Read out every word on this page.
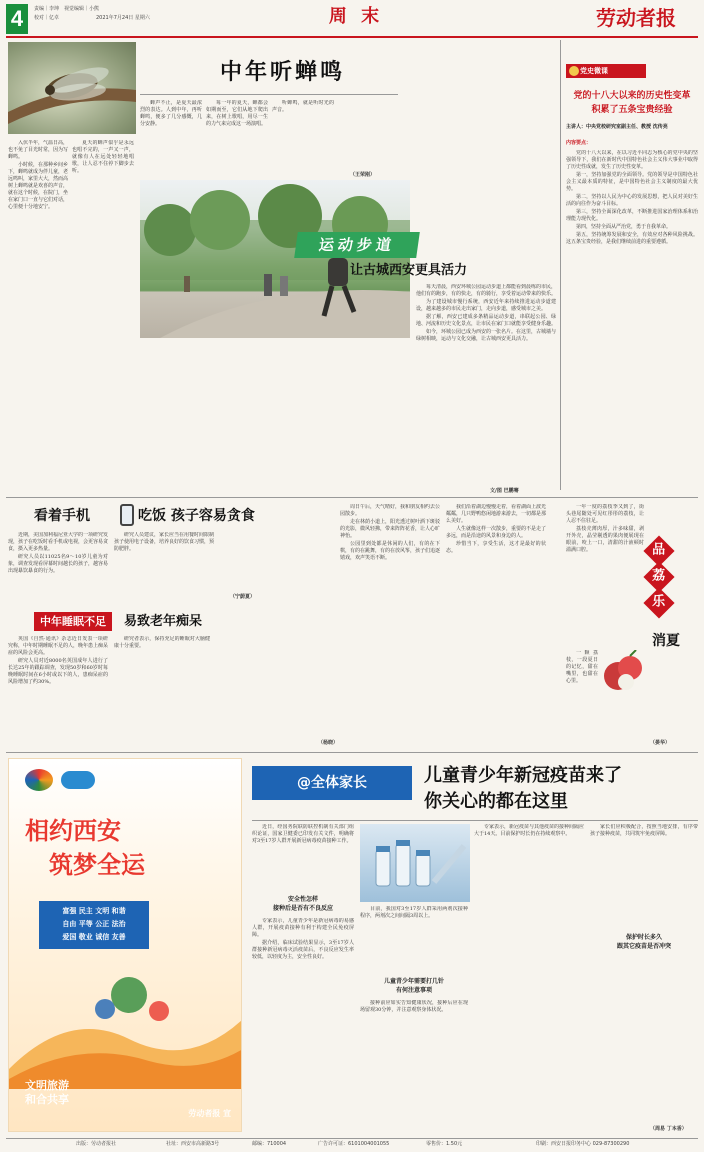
4	责编｜李坤　视觉编辑｜小熊
校对｜亿卓	2021年7月24日 星期六	周 末	劳动者报
中年听蝉鸣

入伏半年，气温日高，也不免了目光时常，因为写蝉鸣。

小时候，在那种乡间乡下，蝉鸣就成为伴儿童，老远鸣叫，家里大大，然而高树上蝉鸣就是欢喜的声音，就在这个时候，在院门，坐在家门口一直与它们对话，心里便十分地安宁。

夏天的蝉声似乎是永远也唱不完的，一声又一声，就像有人在远处轻轻地唱歌，让人忍不住停下脚步去听。

蝉声不止，是夏天最浓烈的表达。人到中年，再听蝉鸣，便多了几分感慨，几分安静。

每一年的夏天，蝉都会如期而至，它们从地下爬出来，在树上歌唱，用尽一生的力气来完成这一场演唱。

听蝉鸣，就是听时光的声音。

（王荣刚）
运动步道
让古城西安更具活力

每天清晨，西安环城公园运动步道上都能看到晨练的市民，他们有的跑步，有的快走，有的骑行，享受着运动带来的快乐。

为了建设城市慢行系统，西安近年来持续推进运动步道建设，越来越多的市民走出家门，走向步道，感受城市之美。

据了解，西安已建成多条精品运动步道，串联起公园、绿地、河流和历史文化景点，让市民在家门口就能享受健身乐趣。

如今，环城公园已成为西安的一张名片。在这里，古城墙与绿树相映，运动与文化交融，让古城西安更具活力。

文/图 巴鹏骞
党史微课
党的十八大以来的历史性变革
积累了五条宝贵经验
主讲人：中央党校研究室副主任、教授 沈传亮
内容要点：

党的十八大以来，在以习近平同志为核心的党中央的坚强领导下，我们在新时代中国特色社会主义伟大事业中取得了历史性成就，发生了历史性变革。

第一，坚持加强党的全面领导。党的领导是中国特色社会主义最本质的特征，是中国特色社会主义制度的最大优势。

第二，坚持以人民为中心的发展思想，把人民对美好生活的向往作为奋斗目标。

第三，坚持全面深化改革，不断推进国家治理体系和治理能力现代化。

第四，坚持全面从严治党，勇于自我革命。

第五，坚持统筹发展和安全，有效应对各种风险挑战。这五条宝贵经验，是我们继续前进的重要遵循。

看着手机	吃饭 孩子容易贪食

近期，美国加利福尼亚大学的一项研究发现，孩子在吃饭时看手机或电视，会更容易贪食，摄入更多热量。

研究人员以11025名9～10岁儿童为对象，调查发现看屏幕时间越长的孩子，越容易出现暴饮暴食的行为。

研究人员建议，家长应当在用餐时间限制孩子使用电子设备，培养良好的饮食习惯，预防肥胖。

（宁蔚夏）
中年睡眠不足	易致老年痴呆

英国《自然·通讯》杂志近日发表一项研究称，中年时期睡眠不足的人，晚年患上痴呆症的风险会更高。

研究人员对近8000名英国成年人进行了长达25年的跟踪调查，发现50岁和60岁时每晚睡眠时间在6小时或以下的人，患痴呆症的风险增加了约30%。

研究者表示，保持充足的睡眠对大脑健康十分重要。

（杨晓）

周日午后，天气晴好，我和朋友相约去公园散步。

走在林荫小道上，阳光透过树叶洒下斑驳的光影，微风轻拂，带来阵阵花香，让人心旷神怡。

公园里到处都是休闲的人们，有的在下棋，有的在跳舞，有的在放风筝，孩子们追逐嬉戏，欢声笑语不断。

我们沿着湖边慢慢走着，看着湖面上波光粼粼，几只野鸭悠闲地游来游去，一切都是那么美好。

人生就像这样一次散步，重要的不是走了多远，而是沿途的风景和身边的人。

珍惜当下，享受生活，这才是最好的状态。	品
荔
乐
消夏

一年一度的荔枝季又到了，街头巷尾随处可见红彤彤的荔枝，让人忍不住驻足。

荔枝壳薄肉厚，汁多味甜，剥开外壳，晶莹剔透的果肉便展现在眼前，咬上一口，清甜的汁液顿时溢满口腔。

一颗荔枝，一段夏日的记忆，甜在嘴里，也甜在心里。

（晏华）
相约西安
筑梦全运
富强 民主 文明 和谐
自由 平等 公正 法治
爱国 敬业 诚信 友善
文明旅游
和合共享
劳动者报 宣
@全体家长	儿童青少年新冠疫苗来了
你关心的都在这里

近日，经国务院联防联控机制有关部门组织论证，国家卫健委已印发有关文件，明确将对3至17岁人群开展新冠病毒疫苗接种工作。

安全性怎样
接种后是否有不良反应

专家表示，儿童青少年是新冠病毒的易感人群，开展疫苗接种有利于构建全民免疫屏障。

据介绍，临床试验结果显示，3至17岁人群接种新冠病毒灭活疫苗后，不良反应发生率较低，以轻度为主，安全性良好。

目前，我国对3至17岁人群采用两剂次接种程序，两剂次之间间隔3周以上。

儿童青少年需要打几针
有何注意事项

接种前应如实告知健康状况，接种后应在现场留观30分钟，并注意观察身体状况。

专家表示，新冠疫苗与其他疫苗的接种间隔应大于14天。目前保护时长仍在持续观察中。

家长们应积极配合，按照当地安排，有序带孩子接种疫苗，共同筑牢免疫屏障。

保护时长多久
跟其它疫苗是否冲突
（周易 丁本香）
出版：劳动者报社	社址：西安市高新路3号	邮编：710004	广告许可证：6101004001055	零售价：1.50元	印刷：西安日报印务中心 029-87300290
